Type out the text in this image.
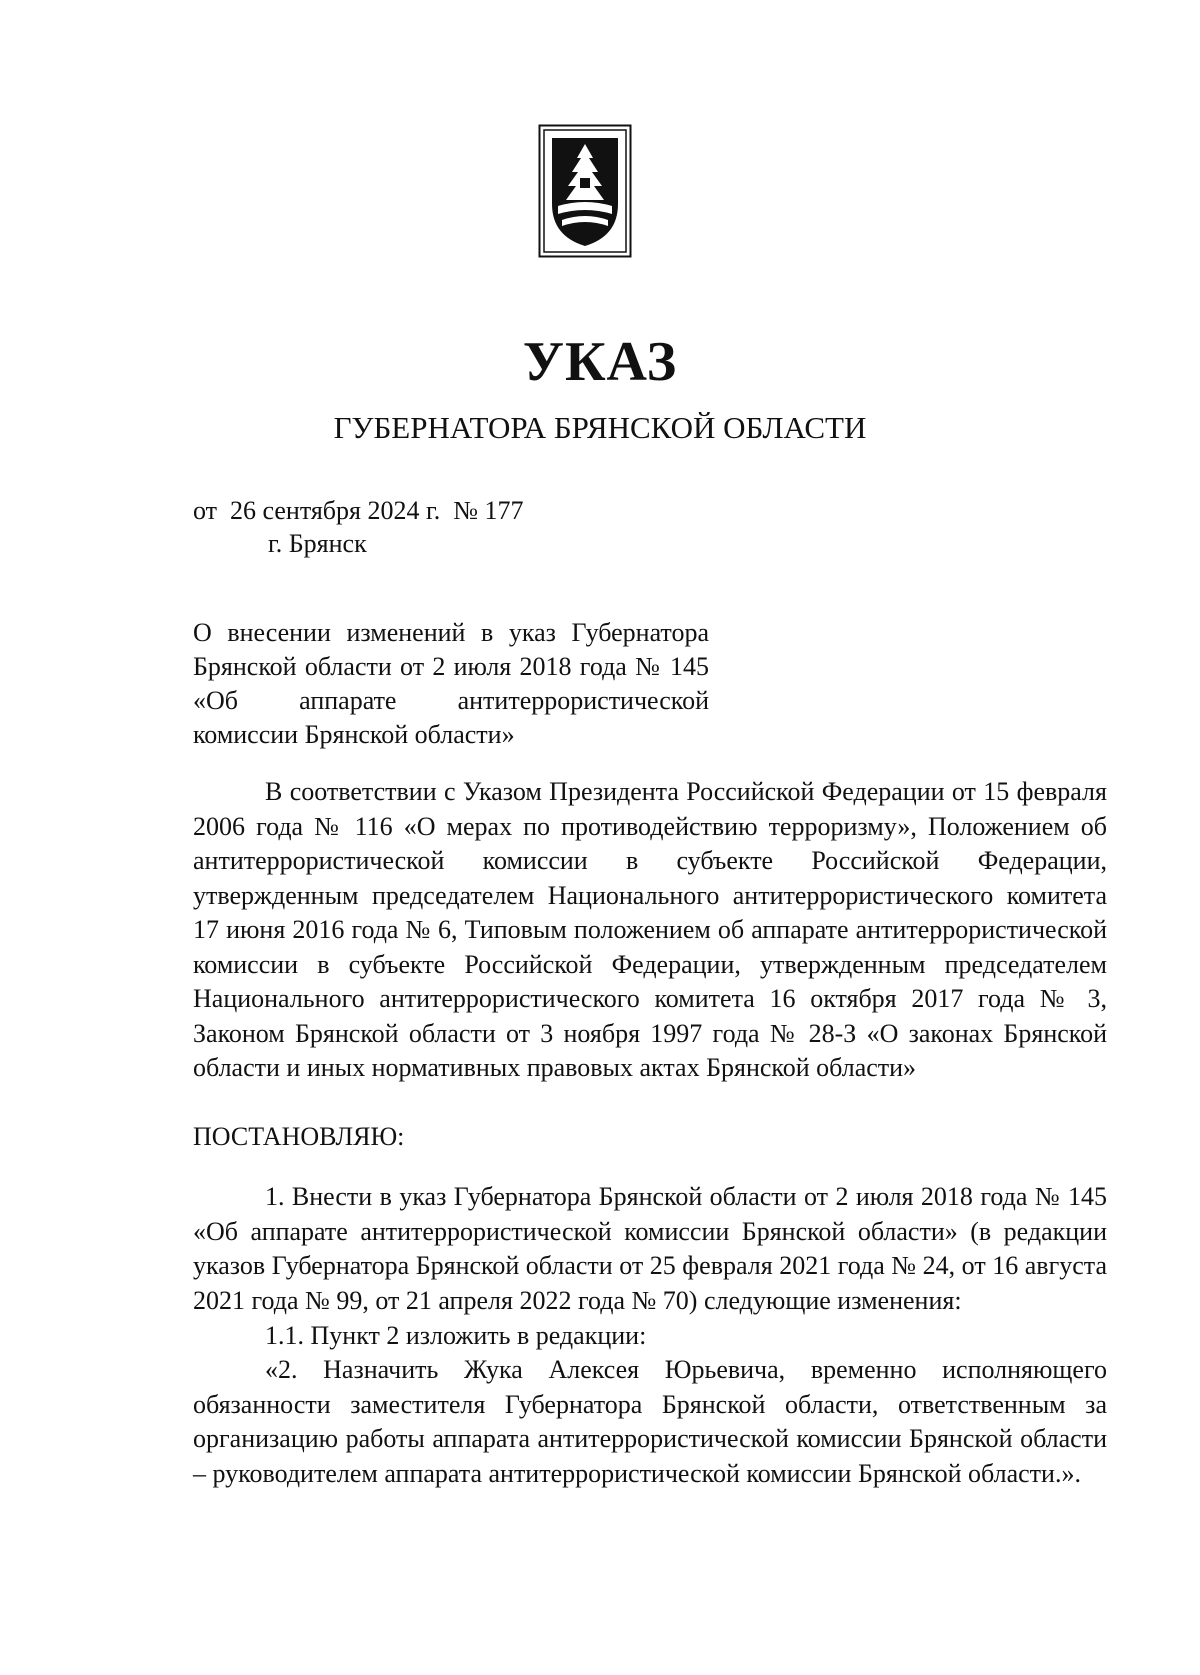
УКАЗ
ГУБЕРНАТОРА БРЯНСКОЙ ОБЛАСТИ
от  26 сентября 2024 г.  № 177
г. Брянск
О внесении изменений в указ Губернатора Брянской области от 2 июля 2018 года № 145 «Об аппарате антитеррористической комиссии Брянской области»

В соответствии с Указом Президента Российской Федерации от 15 февраля 2006 года № 116 «О мерах по противодействию терроризму», Положением об антитеррористической комиссии в субъекте Российской Федерации, утвержденным председателем Национального антитеррористического комитета 17 июня 2016 года № 6, Типовым положением об аппарате антитеррористической комиссии в субъекте Российской Федерации, утвержденным председателем Национального антитеррористического комитета 16 октября 2017 года № 3, Законом Брянской области от 3 ноября 1997 года № 28-З «О законах Брянской области и иных нормативных правовых актах Брянской области»

ПОСТАНОВЛЯЮ:

1. Внести в указ Губернатора Брянской области от 2 июля 2018 года № 145 «Об аппарате антитеррористической комиссии Брянской области» (в редакции указов Губернатора Брянской области от 25 февраля 2021 года № 24, от 16 августа 2021 года № 99, от 21 апреля 2022 года № 70) следующие изменения:

1.1. Пункт 2 изложить в редакции:

«2. Назначить Жука Алексея Юрьевича, временно исполняющего обязанности заместителя Губернатора Брянской области, ответственным за организацию работы аппарата антитеррористической комиссии Брянской области – руководителем аппарата антитеррористической комиссии Брянской области.».
